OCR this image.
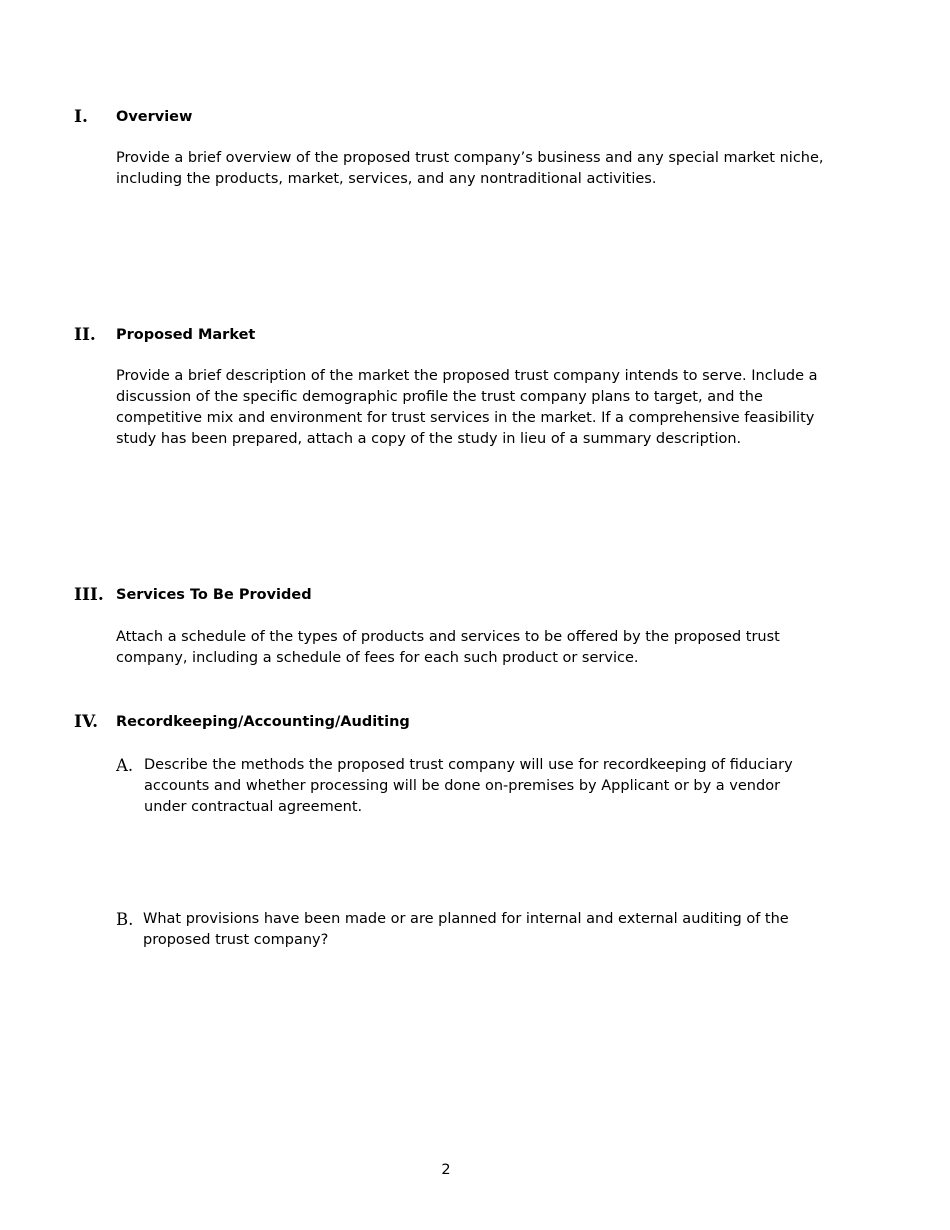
I. Overview
Provide a brief overview of the proposed trust company’s business and any special market niche, including the products, market, services, and any nontraditional activities.
II. Proposed Market
Provide a brief description of the market the proposed trust company intends to serve. Include a discussion of the specific demographic profile the trust company plans to target, and the competitive mix and environment for trust services in the market. If a comprehensive feasibility study has been prepared, attach a copy of the study in lieu of a summary description.
III. Services To Be Provided
Attach a schedule of the types of products and services to be offered by the proposed trust company, including a schedule of fees for each such product or service.
IV. Recordkeeping/Accounting/Auditing
A. Describe the methods the proposed trust company will use for recordkeeping of fiduciary accounts and whether processing will be done on-premises by Applicant or by a vendor under contractual agreement.
B. What provisions have been made or are planned for internal and external auditing of the proposed trust company?
2
